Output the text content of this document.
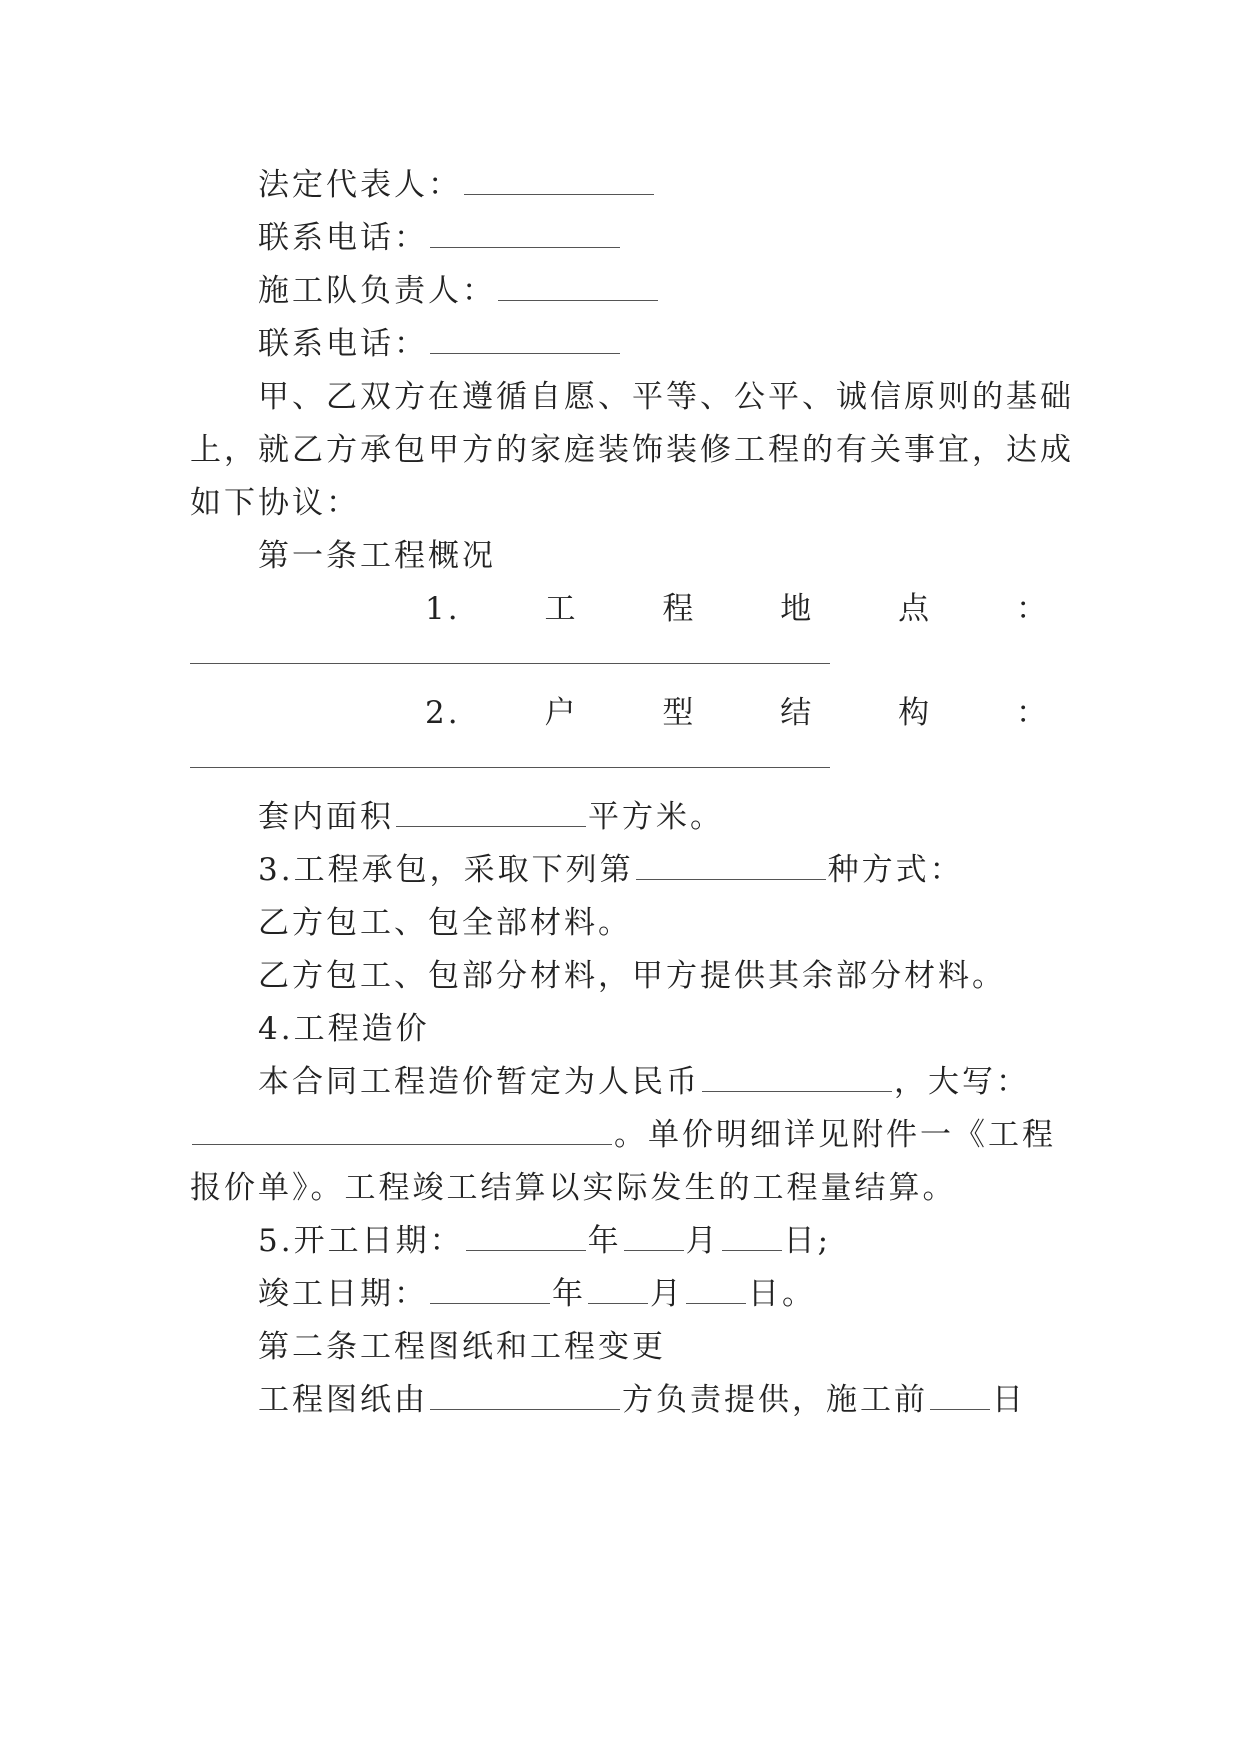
法定代表人：
联系电话：
施工队负责人：
联系电话：
甲、乙双方在遵循自愿、平等、公平、诚信原则的基础
上，就乙方承包甲方的家庭装饰装修工程的有关事宜，达成
如下协议：
第一条工程概况
1.	工	程	地	点	：
2.	户	型	结	构	：
套内面积	平方米。
3.工程承包，采取下列第	种方式：
乙方包工、包全部材料。
乙方包工、包部分材料，甲方提供其余部分材料。
4.工程造价
本合同工程造价暂定为人民币	，大写：
。单价明细详见附件一《工程
报价单》。工程竣工结算以实际发生的工程量结算。
5.开工日期：	年 月 日;
竣工日期：	年 月 日。
第二条工程图纸和工程变更
工程图纸由	方负责提供，施工前 日
